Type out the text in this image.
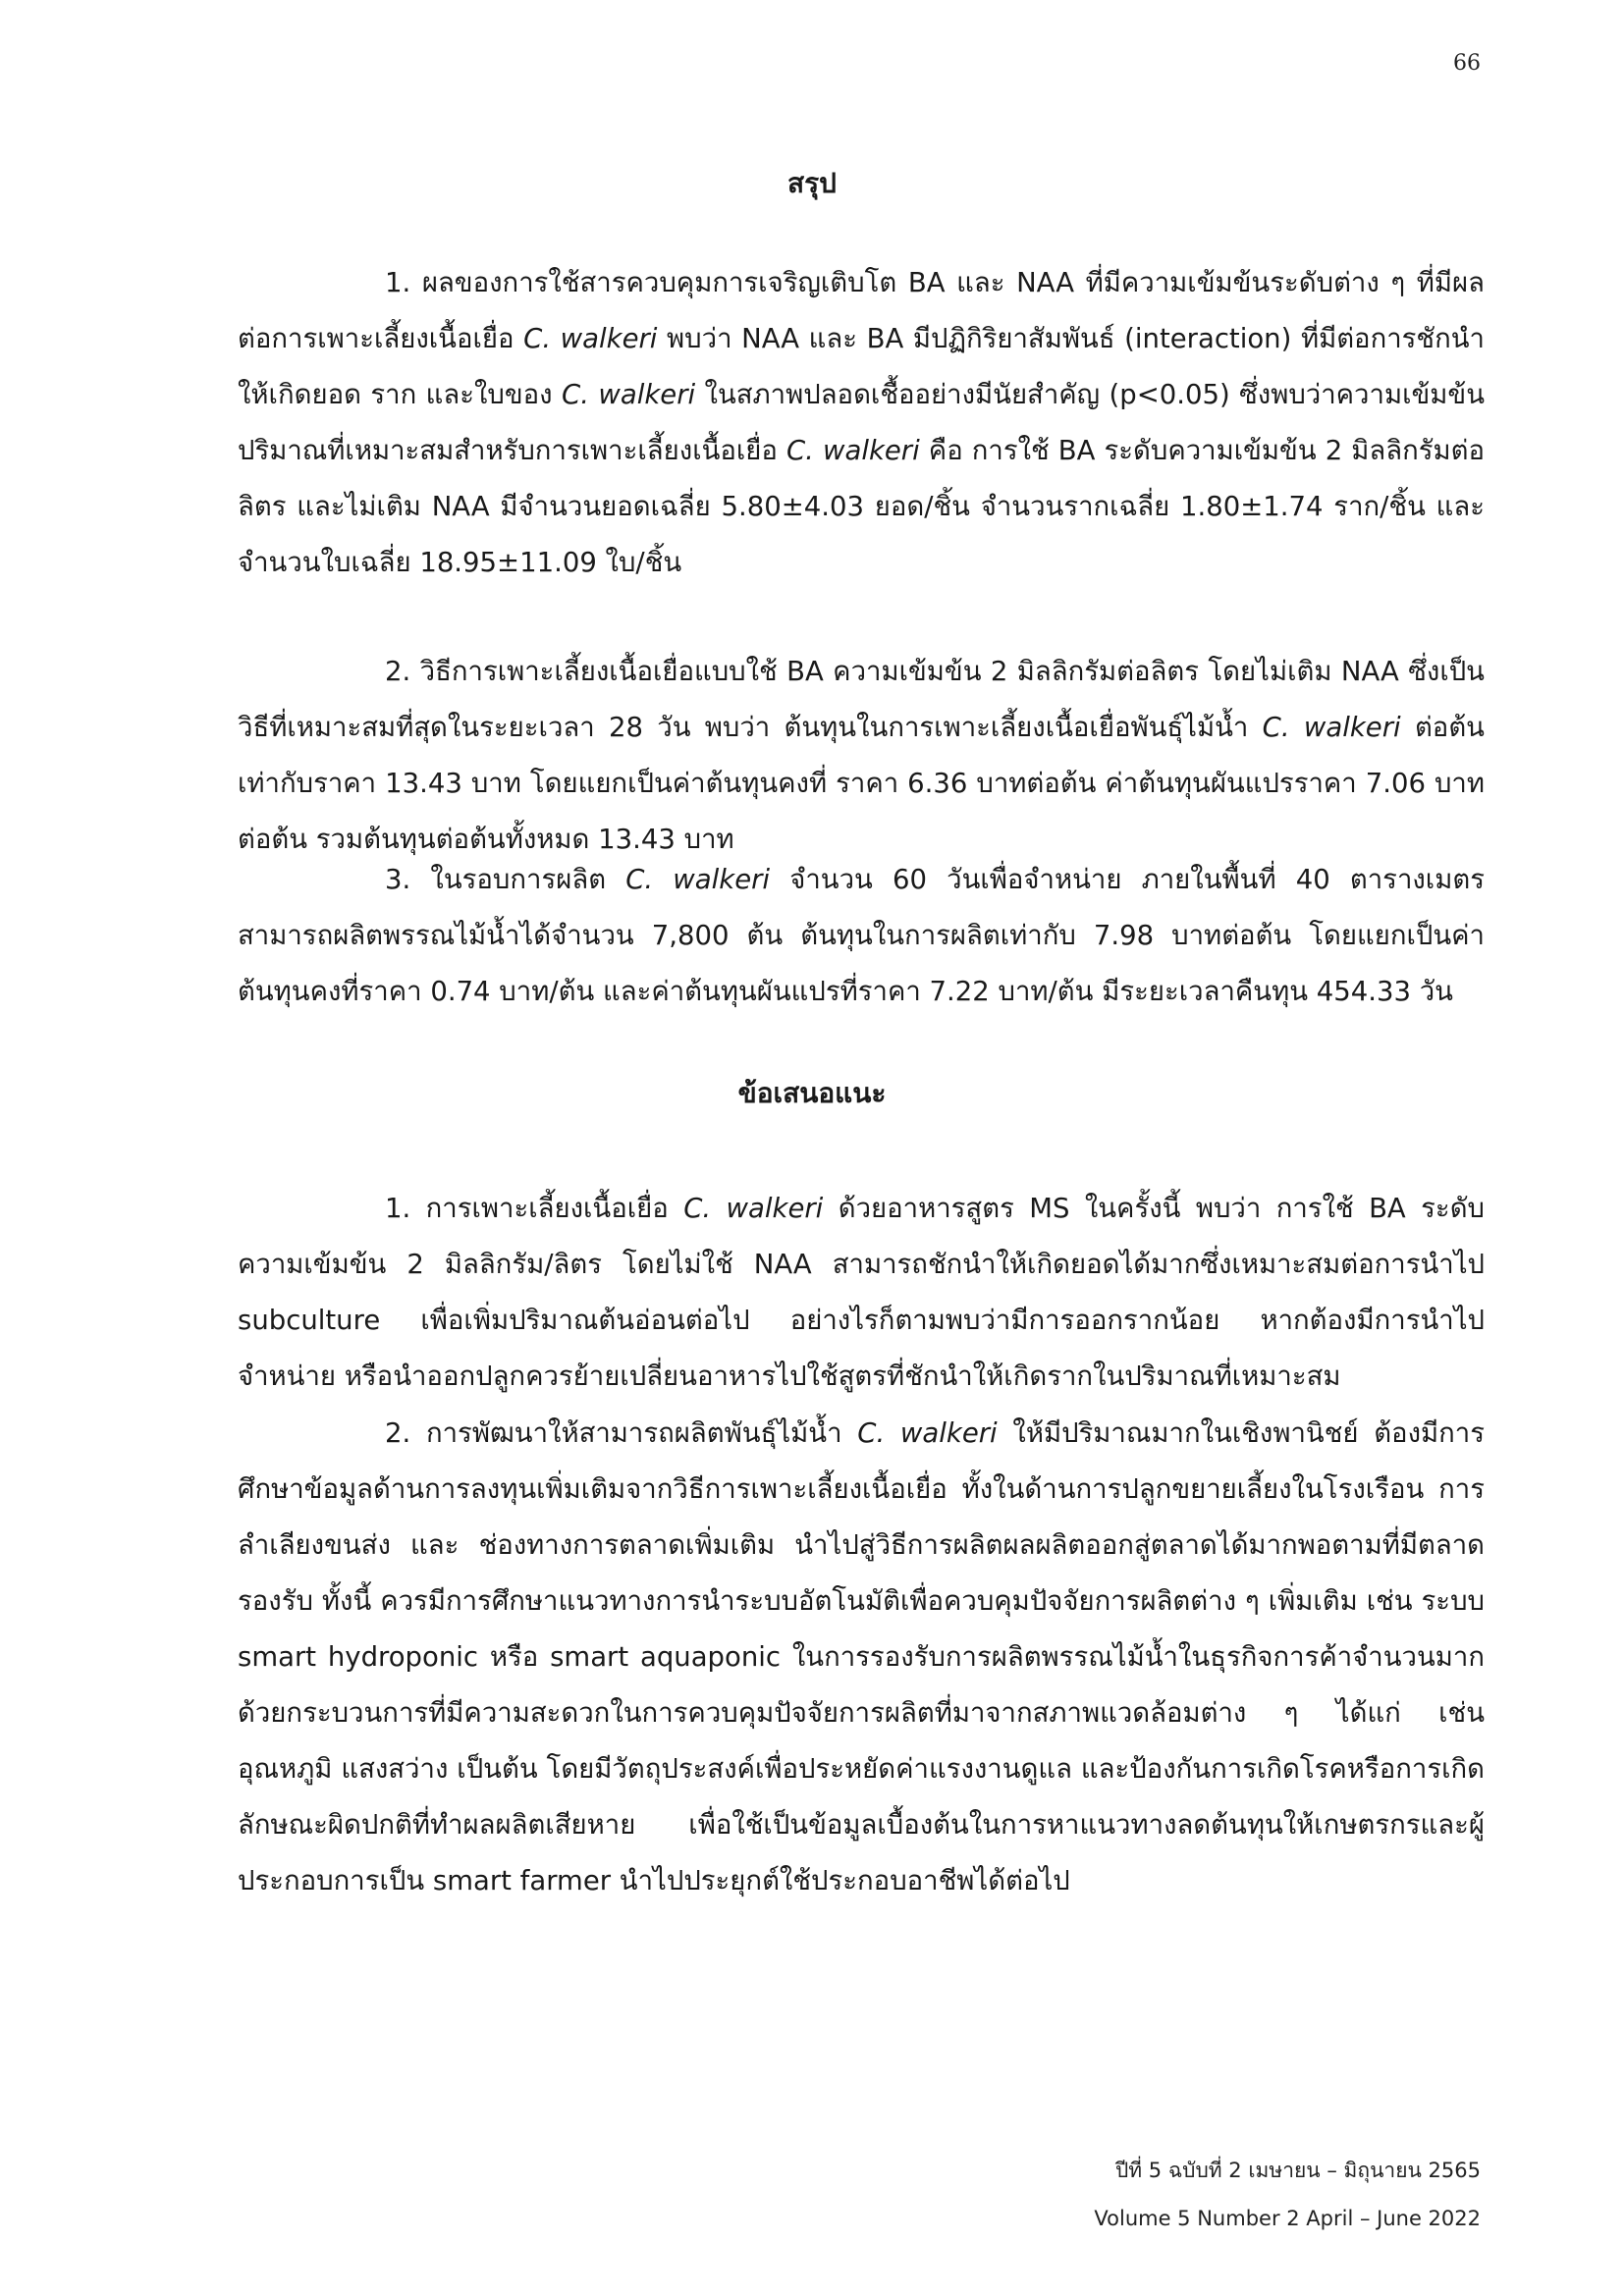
66
สรุป

1. ผลของการใช้สารควบคุมการเจริญเติบโต BA และ NAA ที่มีความเข้มข้นระดับต่าง ๆ ที่มีผลต่อการเพาะเลี้ยงเนื้อเยื่อ C. walkeri พบว่า NAA และ BA มีปฏิกิริยาสัมพันธ์ (interaction) ที่มีต่อการชักนำให้เกิดยอด ราก และใบของ C. walkeri ในสภาพปลอดเชื้ออย่างมีนัยสำคัญ (p<0.05) ซึ่งพบว่าความเข้มข้นปริมาณที่เหมาะสมสำหรับการเพาะเลี้ยงเนื้อเยื่อ C. walkeri คือ การใช้ BA ระดับความเข้มข้น 2 มิลลิกรัมต่อลิตร และไม่เติม NAA มีจำนวนยอดเฉลี่ย 5.80±4.03 ยอด/ชิ้น จำนวนรากเฉลี่ย 1.80±1.74 ราก/ชิ้น และจำนวนใบเฉลี่ย 18.95±11.09 ใบ/ชิ้น

2. วิธีการเพาะเลี้ยงเนื้อเยื่อแบบใช้ BA ความเข้มข้น 2 มิลลิกรัมต่อลิตร โดยไม่เติม NAA ซึ่งเป็นวิธีที่เหมาะสมที่สุดในระยะเวลา 28 วัน พบว่า ต้นทุนในการเพาะเลี้ยงเนื้อเยื่อพันธุ์ไม้น้ำ C. walkeri ต่อต้นเท่ากับราคา 13.43 บาท โดยแยกเป็นค่าต้นทุนคงที่ ราคา 6.36 บาทต่อต้น ค่าต้นทุนผันแปรราคา 7.06 บาทต่อต้น รวมต้นทุนต่อต้นทั้งหมด 13.43 บาท

3. ในรอบการผลิต C. walkeri จำนวน 60 วันเพื่อจำหน่าย ภายในพื้นที่ 40 ตารางเมตร สามารถผลิตพรรณไม้น้ำได้จำนวน 7,800 ต้น ต้นทุนในการผลิตเท่ากับ 7.98 บาทต่อต้น โดยแยกเป็นค่าต้นทุนคงที่ราคา 0.74 บาท/ต้น และค่าต้นทุนผันแปรที่ราคา 7.22 บาท/ต้น มีระยะเวลาคืนทุน 454.33 วัน

ข้อเสนอแนะ

1. การเพาะเลี้ยงเนื้อเยื่อ C. walkeri ด้วยอาหารสูตร MS ในครั้งนี้ พบว่า การใช้ BA ระดับความเข้มข้น 2 มิลลิกรัม/ลิตร โดยไม่ใช้ NAA สามารถชักนำให้เกิดยอดได้มากซึ่งเหมาะสมต่อการนำไป subculture เพื่อเพิ่มปริมาณต้นอ่อนต่อไป อย่างไรก็ตามพบว่ามีการออกรากน้อย หากต้องมีการนำไปจำหน่าย หรือนำออกปลูกควรย้ายเปลี่ยนอาหารไปใช้สูตรที่ชักนำให้เกิดรากในปริมาณที่เหมาะสม

2. การพัฒนาให้สามารถผลิตพันธุ์ไม้น้ำ C. walkeri ให้มีปริมาณมากในเชิงพานิชย์ ต้องมีการศึกษาข้อมูลด้านการลงทุนเพิ่มเติมจากวิธีการเพาะเลี้ยงเนื้อเยื่อ ทั้งในด้านการปลูกขยายเลี้ยงในโรงเรือน การลำเลียงขนส่ง และ ช่องทางการตลาดเพิ่มเติม นำไปสู่วิธีการผลิตผลผลิตออกสู่ตลาดได้มากพอตามที่มีตลาดรองรับ ทั้งนี้ ควรมีการศึกษาแนวทางการนำระบบอัตโนมัติเพื่อควบคุมปัจจัยการผลิตต่าง ๆ เพิ่มเติม เช่น ระบบ smart hydroponic หรือ smart aquaponic ในการรองรับการผลิตพรรณไม้น้ำในธุรกิจการค้าจำนวนมาก ด้วยกระบวนการที่มีความสะดวกในการควบคุมปัจจัยการผลิตที่มาจากสภาพแวดล้อมต่าง ๆ ได้แก่ เช่น อุณหภูมิ แสงสว่าง เป็นต้น โดยมีวัตถุประสงค์เพื่อประหยัดค่าแรงงานดูแล และป้องกันการเกิดโรคหรือการเกิดลักษณะผิดปกติที่ทำผลผลิตเสียหาย เพื่อใช้เป็นข้อมูลเบื้องต้นในการหาแนวทางลดต้นทุนให้เกษตรกรและผู้ประกอบการเป็น smart farmer นำไปประยุกต์ใช้ประกอบอาชีพได้ต่อไป

ปีที่ 5 ฉบับที่ 2 เมษายน – มิถุนายน 2565
Volume 5 Number 2 April – June 2022
